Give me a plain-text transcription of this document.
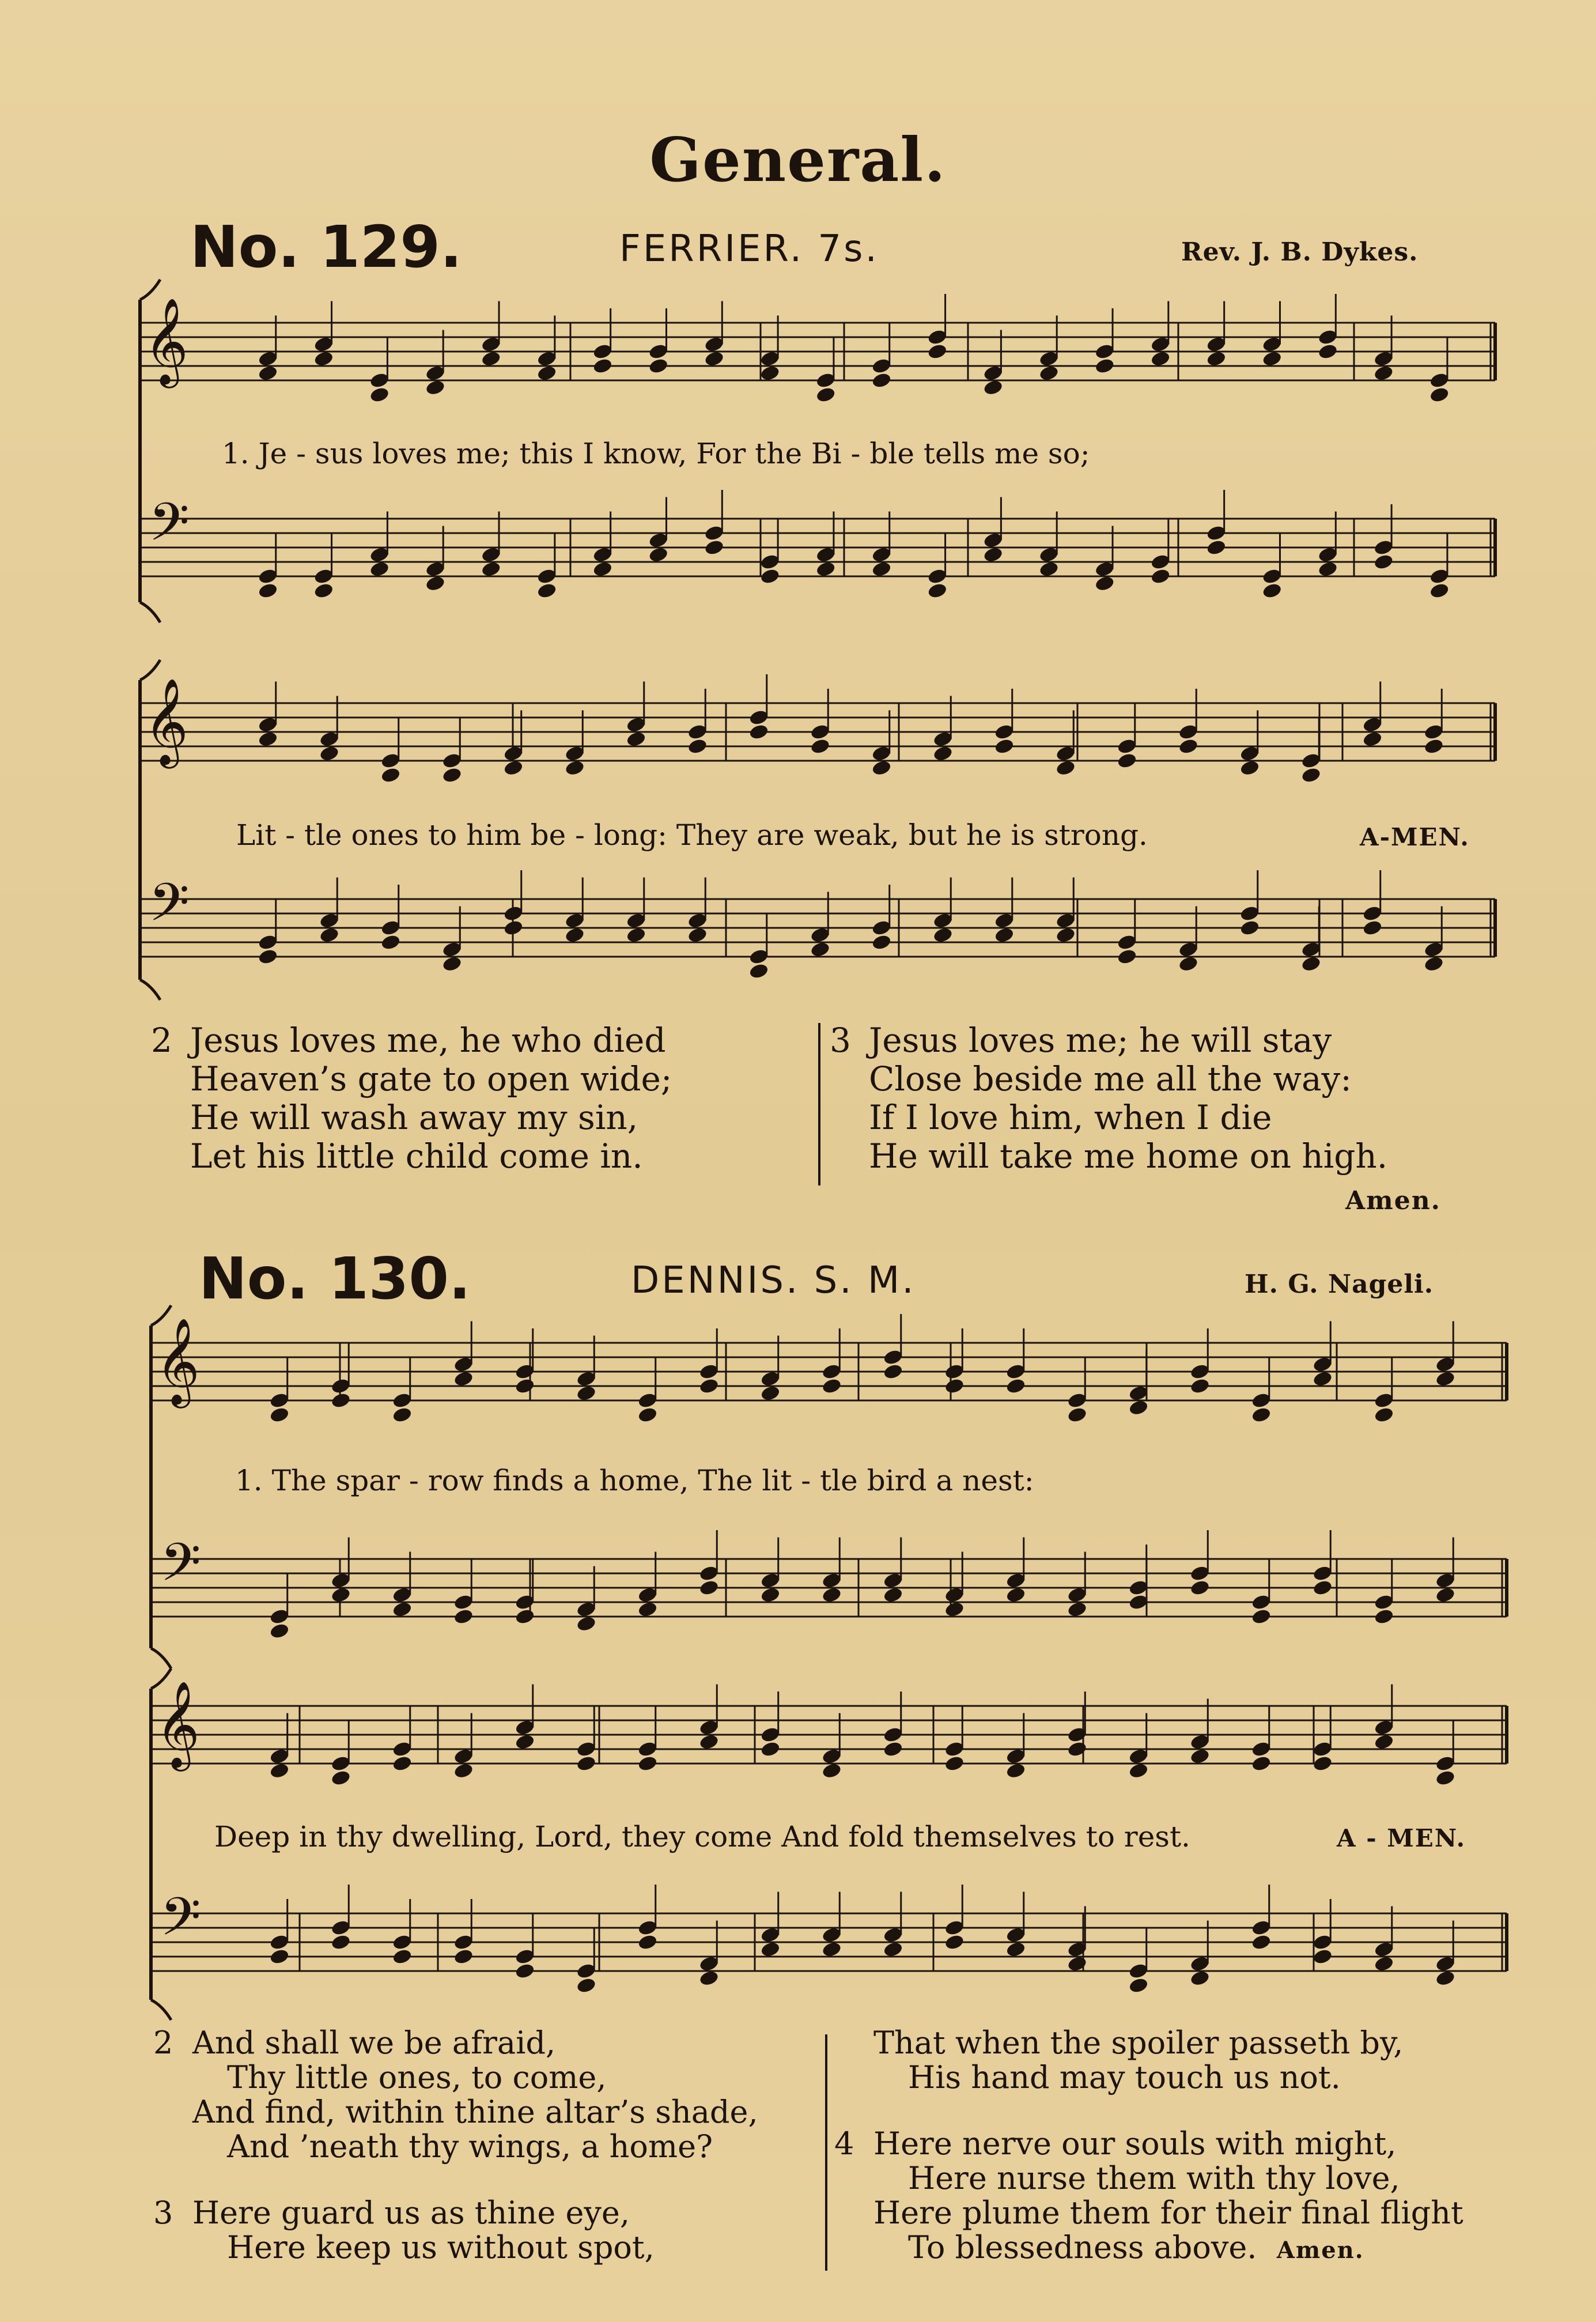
General.
No. 129.	FERRIER. 7s.	Rev. J. B. Dykes.
𝄞
𝄢
𝄞
𝄢
𝄞
𝄢
𝄞
𝄢
1. Je - sus loves me; this I know, For the Bi - ble tells me so;
Lit - tle ones to him be - long: They are weak, but he is strong.	A-MEN.
2 Jesus loves me, he who died
Heaven’s gate to open wide;
He will wash away my sin,
Let his little child come in.
3 Jesus loves me; he will stay
Close beside me all the way:
If I love him, when I die
He will take me home on high.
Amen.
No. 130.	DENNIS. S. M.	H. G. Nageli.
1. The spar - row finds a home, The lit - tle bird a nest:
Deep in thy dwelling, Lord, they come And fold themselves to rest.	A - MEN.
2 And shall we be afraid,
Thy little ones, to come,
And find, within thine altar’s shade,
And ’neath thy wings, a home?
3 Here guard us as thine eye,
Here keep us without spot,
That when the spoiler passeth by,
His hand may touch us not.
4 Here nerve our souls with might,
Here nurse them with thy love,
Here plume them for their final flight
To blessedness above. Amen.
